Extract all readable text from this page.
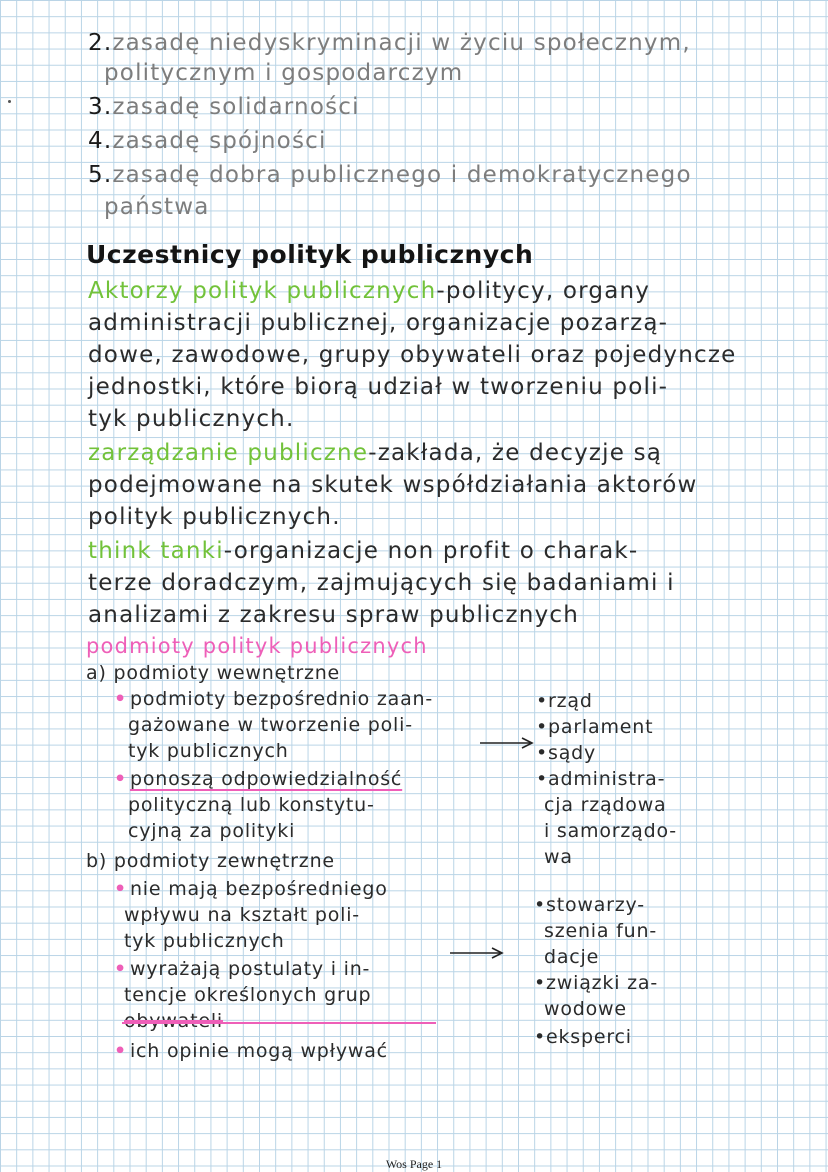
2.zasadę niedyskryminacji w życiu społecznym,
politycznym i gospodarczym
3.zasadę solidarności
4.zasadę spójności
5.zasadę dobra publicznego i demokratycznego
państwa
Uczestnicy polityk publicznych
Aktorzy polityk publicznych-politycy, organy
administracji publicznej, organizacje pozarzą-
dowe, zawodowe, grupy obywateli oraz pojedyncze
jednostki, które biorą udział w tworzeniu poli-
tyk publicznych.
zarządzanie publiczne-zakłada, że decyzje są
podejmowane na skutek współdziałania aktorów
polityk publicznych.
think tanki-organizacje non profit o charak-
terze doradczym, zajmujących się badaniami i
analizami z zakresu spraw publicznych
podmioty polityk publicznych
a) podmioty wewnętrzne
• podmioty bezpośrednio zaan-
gażowane w tworzenie poli-
tyk publicznych
• ponoszą odpowiedzialność
polityczną lub konstytu-
cyjną za polityki
•rząd
•parlament
•sądy
•administra-
cja rządowa
i samorządo-
wa
b) podmioty zewnętrzne
• nie mają bezpośredniego
wpływu na kształt poli-
tyk publicznych
• wyrażają postulaty i in-
tencje określonych grup
obywateli
• ich opinie mogą wpływać
•stowarzy-
szenia fun-
dacje
•związki za-
wodowe
•eksperci
Wos Page 1
